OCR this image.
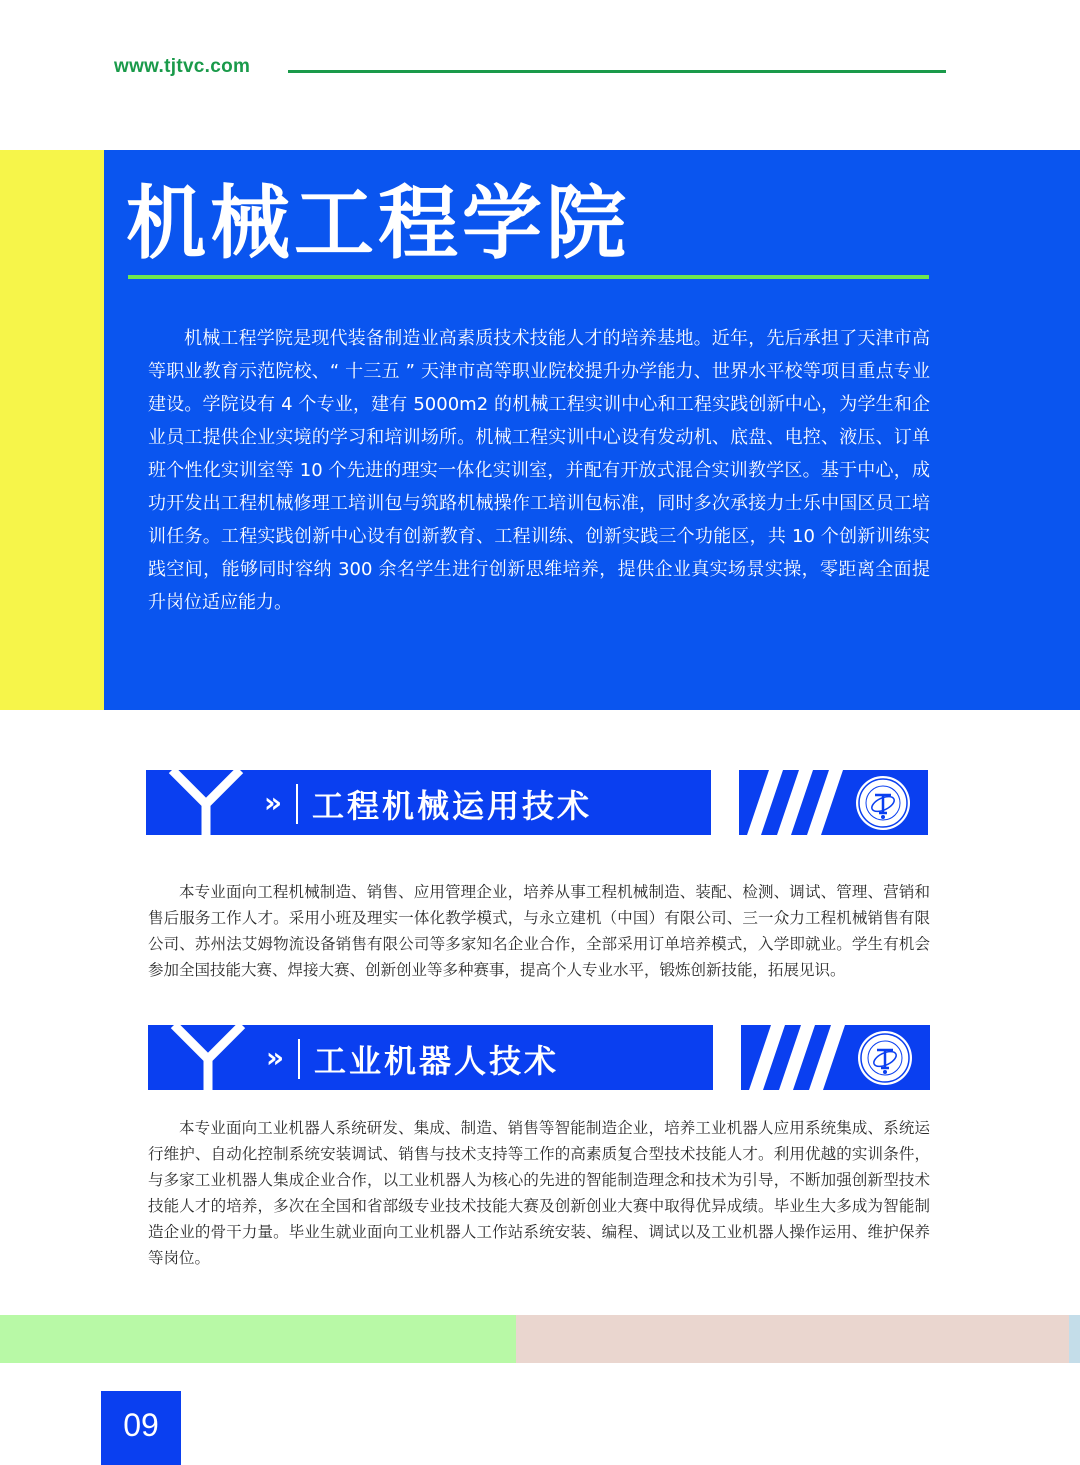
www.tjtvc.com
机械工程学院

机械工程学院是现代装备制造业高素质技术技能人才的培养基地。近年，先后承担了天津市高等职业教育示范院校、“ 十三五 ” 天津市高等职业院校提升办学能力、世界水平校等项目重点专业建设。学院设有 4 个专业，建有 5000m2 的机械工程实训中心和工程实践创新中心，为学生和企业员工提供企业实境的学习和培训场所。机械工程实训中心设有发动机、底盘、电控、液压、订单班个性化实训室等 10 个先进的理实一体化实训室，并配有开放式混合实训教学区。基于中心，成功开发出工程机械修理工培训包与筑路机械操作工培训包标准，同时多次承接力士乐中国区员工培训任务。工程实践创新中心设有创新教育、工程训练、创新实践三个功能区，共 10 个创新训练实践空间，能够同时容纳 300 余名学生进行创新思维培养，提供企业真实场景实操，零距离全面提升岗位适应能力。

» 工程机械运用技术

本专业面向工程机械制造、销售、应用管理企业，培养从事工程机械制造、装配、检测、调试、管理、营销和售后服务工作人才。采用小班及理实一体化教学模式，与永立建机（中国）有限公司、三一众力工程机械销售有限公司、苏州法艾姆物流设备销售有限公司等多家知名企业合作，全部采用订单培养模式，入学即就业。学生有机会参加全国技能大赛、焊接大赛、创新创业等多种赛事，提高个人专业水平，锻炼创新技能，拓展见识。

» 工业机器人技术

本专业面向工业机器人系统研发、集成、制造、销售等智能制造企业，培养工业机器人应用系统集成、系统运行维护、自动化控制系统安装调试、销售与技术支持等工作的高素质复合型技术技能人才。利用优越的实训条件，与多家工业机器人集成企业合作，以工业机器人为核心的先进的智能制造理念和技术为引导，不断加强创新型技术技能人才的培养，多次在全国和省部级专业技术技能大赛及创新创业大赛中取得优异成绩。毕业生大多成为智能制造企业的骨干力量。毕业生就业面向工业机器人工作站系统安装、编程、调试以及工业机器人操作运用、维护保养等岗位。

09
